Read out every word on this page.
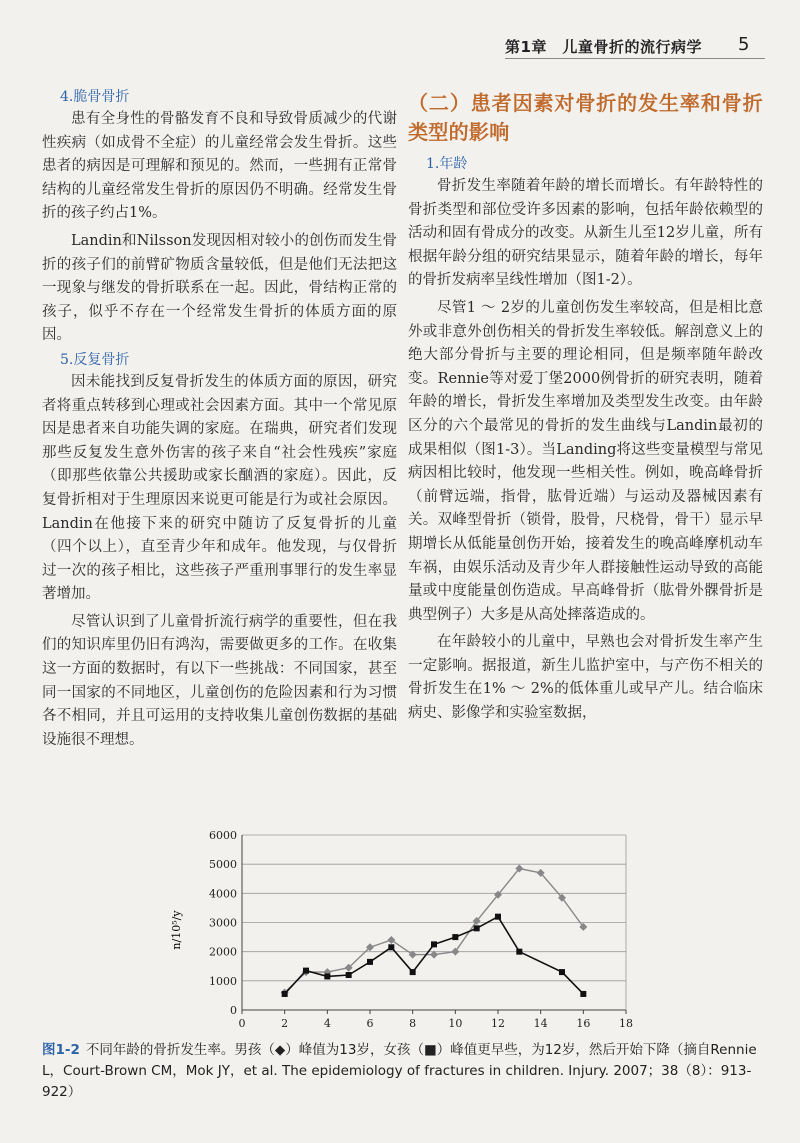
第1章　儿童骨折的流行病学 5
4.脆骨骨折

患有全身性的骨骼发育不良和导致骨质减少的代谢性疾病（如成骨不全症）的儿童经常会发生骨折。这些患者的病因是可理解和预见的。然而，一些拥有正常骨结构的儿童经常发生骨折的原因仍不明确。经常发生骨折的孩子约占1%。

Landin和Nilsson发现因相对较小的创伤而发生骨折的孩子们的前臂矿物质含量较低，但是他们无法把这一现象与继发的骨折联系在一起。因此，骨结构正常的孩子，似乎不存在一个经常发生骨折的体质方面的原因。

5.反复骨折

因未能找到反复骨折发生的体质方面的原因，研究者将重点转移到心理或社会因素方面。其中一个常见原因是患者来自功能失调的家庭。在瑞典，研究者们发现那些反复发生意外伤害的孩子来自“社会性残疾”家庭（即那些依靠公共援助或家长酗酒的家庭）。因此，反复骨折相对于生理原因来说更可能是行为或社会原因。Landin在他接下来的研究中随访了反复骨折的儿童（四个以上），直至青少年和成年。他发现，与仅骨折过一次的孩子相比，这些孩子严重刑事罪行的发生率显著增加。

尽管认识到了儿童骨折流行病学的重要性，但在我们的知识库里仍旧有鸿沟，需要做更多的工作。在收集这一方面的数据时，有以下一些挑战：不同国家，甚至同一国家的不同地区，儿童创伤的危险因素和行为习惯各不相同，并且可运用的支持收集儿童创伤数据的基础设施很不理想。

（二）患者因素对骨折的发生率和骨折类型的影响
1.年龄

骨折发生率随着年龄的增长而增长。有年龄特性的骨折类型和部位受许多因素的影响，包括年龄依赖型的活动和固有骨成分的改变。从新生儿至12岁儿童，所有根据年龄分组的研究结果显示，随着年龄的增长，每年的骨折发病率呈线性增加（图1-2）。

尽管1 ～ 2岁的儿童创伤发生率较高，但是相比意外或非意外创伤相关的骨折发生率较低。解剖意义上的绝大部分骨折与主要的理论相同，但是频率随年龄改变。Rennie等对爱丁堡2000例骨折的研究表明，随着年龄的增长，骨折发生率增加及类型发生改变。由年龄区分的六个最常见的骨折的发生曲线与Landin最初的成果相似（图1-3）。当Landing将这些变量模型与常见病因相比较时，他发现一些相关性。例如，晚高峰骨折（前臂远端，指骨，肱骨近端）与运动及器械因素有关。双峰型骨折（锁骨，股骨，尺桡骨，骨干）显示早期增长从低能量创伤开始，接着发生的晚高峰摩机动车车祸，由娱乐活动及青少年人群接触性运动导致的高能量或中度能量创伤造成。早高峰骨折（肱骨外髁骨折是典型例子）大多是从高处摔落造成的。

在年龄较小的儿童中，早熟也会对骨折发生率产生一定影响。据报道，新生儿监护室中，与产伤不相关的骨折发生在1% ～ 2%的低体重儿或早产儿。结合临床病史、影像学和实验室数据，

n/10⁵/y
0
1000
2000
3000
4000
5000
6000
0	2	4	6	8	10	12	14	16	18
图1-2 不同年龄的骨折发生率。男孩（◆）峰值为13岁，女孩（■）峰值更早些，为12岁，然后开始下降（摘自Rennie L，Court-Brown CM，Mok JY，et al. The epidemiology of fractures in children. Injury. 2007；38（8）：913-922）
